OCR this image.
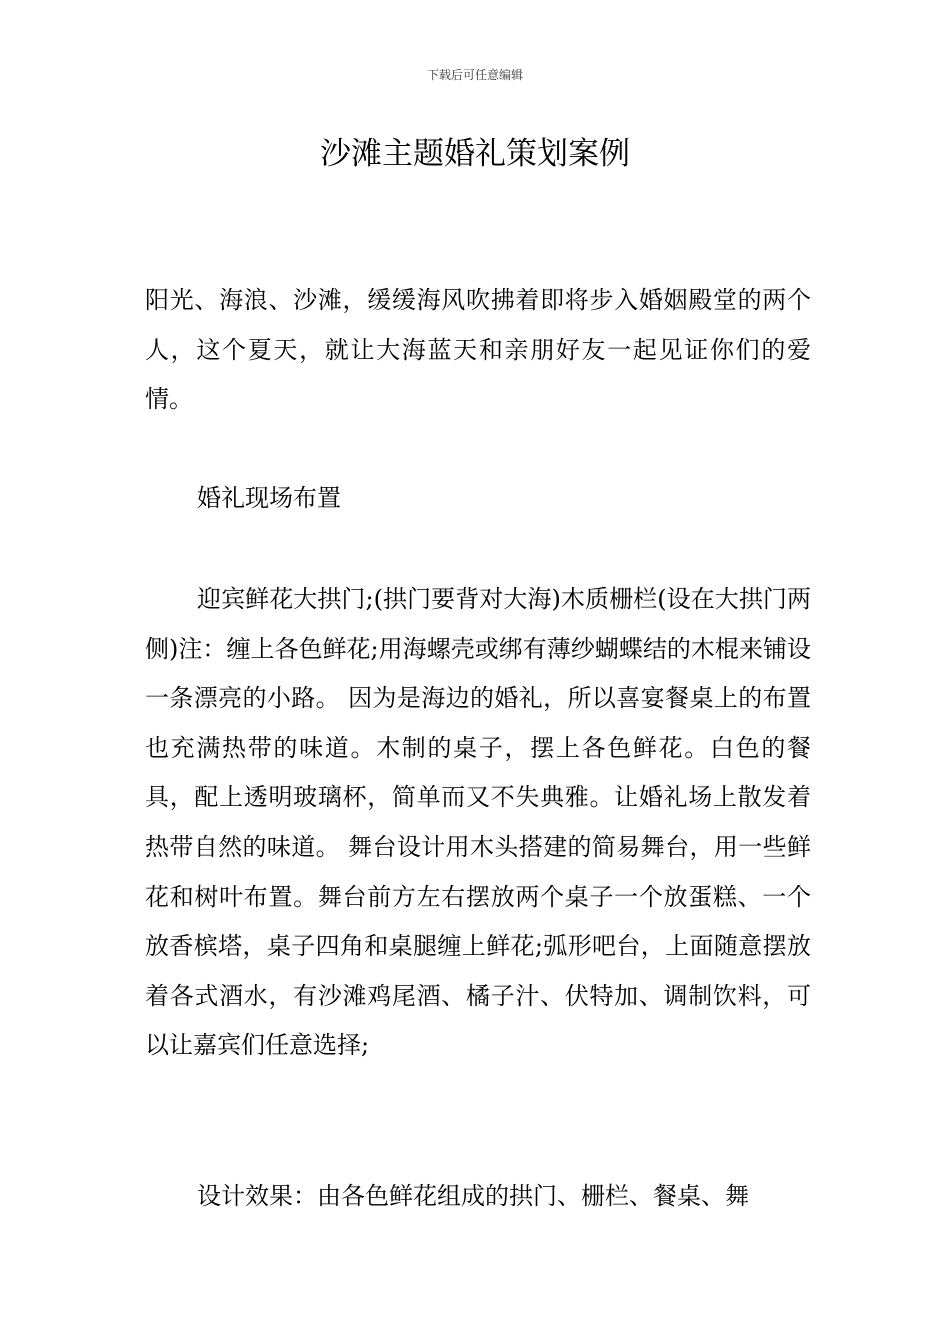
下载后可任意编辑
沙滩主题婚礼策划案例

阳光、海浪、沙滩，缓缓海风吹拂着即将步入婚姻殿堂的两个人，这个夏天，就让大海蓝天和亲朋好友一起见证你们的爱情。

婚礼现场布置

迎宾鲜花大拱门;(拱门要背对大海)木质栅栏(设在大拱门两侧)注：缠上各色鲜花;用海螺壳或绑有薄纱蝴蝶结的木棍来铺设一条漂亮的小路。 因为是海边的婚礼，所以喜宴餐桌上的布置也充满热带的味道。木制的桌子，摆上各色鲜花。白色的餐具，配上透明玻璃杯，简单而又不失典雅。让婚礼场上散发着热带自然的味道。 舞台设计用木头搭建的简易舞台，用一些鲜花和树叶布置。舞台前方左右摆放两个桌子一个放蛋糕、一个放香槟塔，桌子四角和桌腿缠上鲜花;弧形吧台，上面随意摆放着各式酒水，有沙滩鸡尾酒、橘子汁、伏特加、调制饮料，可以让嘉宾们任意选择;

设计效果：由各色鲜花组成的拱门、栅栏、餐桌、舞
